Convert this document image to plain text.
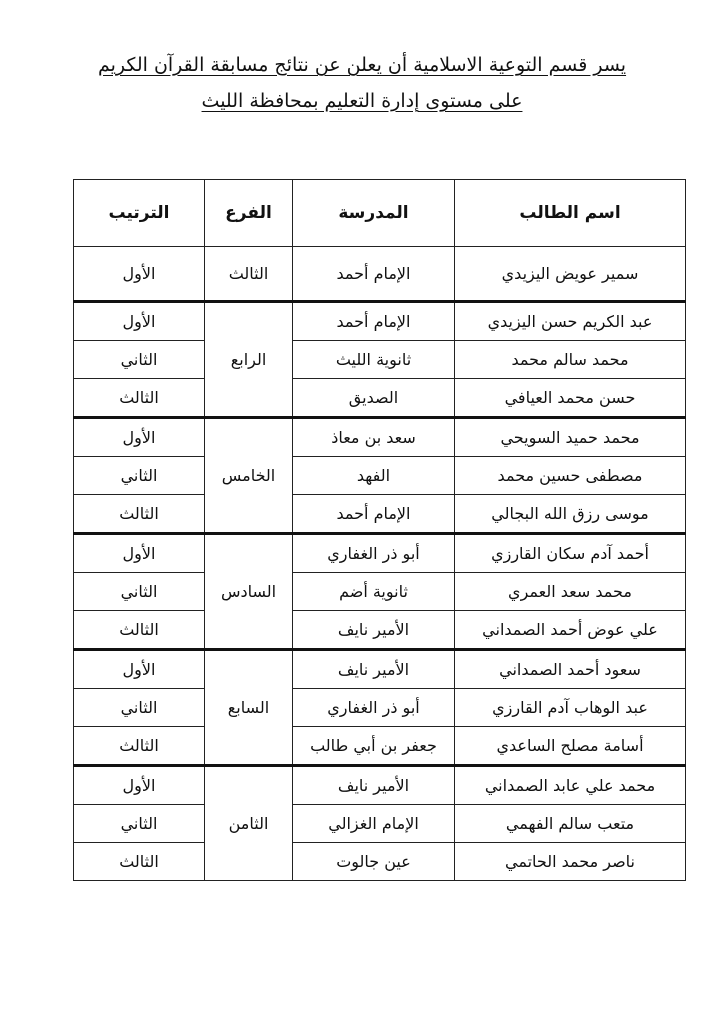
يسر قسم التوعية الاسلامية أن يعلن عن نتائج مسابقة القرآن الكريم
على مستوى إدارة التعليم بمحافظة الليث
اسم الطالب	المدرسة	الفرع	الترتيب
سمير عويض اليزيدي	الإمام أحمد	الثالث	الأول
عبد الكريم حسن اليزيدي	الإمام أحمد	الرابع	الأول
محمد سالم محمد	ثانوية الليث		الثاني
حسن محمد العيافي	الصديق		الثالث
محمد حميد السويحي	سعد بن معاذ	الخامس	الأول
مصطفى حسين محمد	الفهد		الثاني
موسى رزق الله البجالي	الإمام أحمد		الثالث
أحمد آدم سكان القارزي	أبو ذر الغفاري	السادس	الأول
محمد سعد العمري	ثانوية أضم		الثاني
علي عوض أحمد الصمداني	الأمير نايف		الثالث
سعود أحمد الصمداني	الأمير نايف	السابع	الأول
عبد الوهاب آدم القارزي	أبو ذر الغفاري		الثاني
أسامة مصلح الساعدي	جعفر بن أبي طالب		الثالث
محمد علي عابد الصمداني	الأمير نايف	الثامن	الأول
متعب سالم الفهمي	الإمام الغزالي		الثاني
ناصر محمد الحاتمي	عين جالوت		الثالث
